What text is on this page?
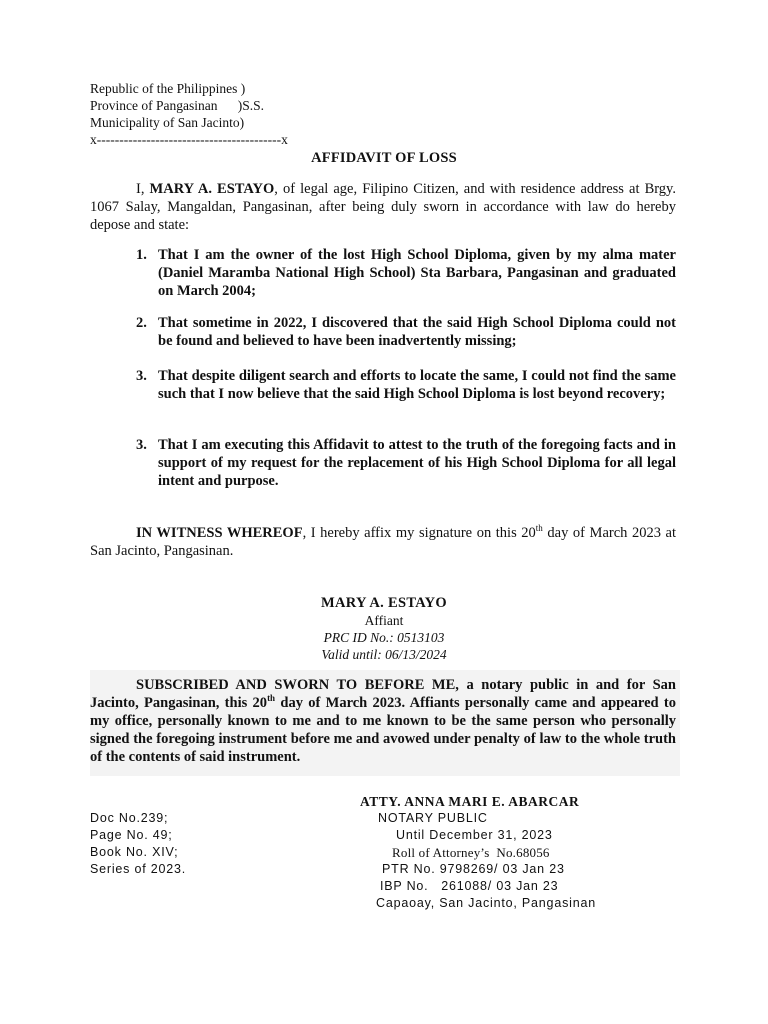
Republic of the Philippines )
Province of Pangasinan      )S.S.
Municipality of San Jacinto)
x-----------------------------------------x
AFFIDAVIT OF LOSS
I, MARY A. ESTAYO, of legal age, Filipino Citizen, and with residence address at Brgy. 1067 Salay, Mangaldan, Pangasinan, after being duly sworn in accordance with law do hereby depose and state:
1. That I am the owner of the lost High School Diploma, given by my alma mater (Daniel Maramba National High School) Sta Barbara, Pangasinan and graduated on March 2004;
2. That sometime in 2022, I discovered that the said High School Diploma could not be found and believed to have been inadvertently missing;
3. That despite diligent search and efforts to locate the same, I could not find the same such that I now believe that the said High School Diploma is lost beyond recovery;
3. That I am executing this Affidavit to attest to the truth of the foregoing facts and in support of my request for the replacement of his High School Diploma for all legal intent and purpose.
IN WITNESS WHEREOF, I hereby affix my signature on this 20th day of March 2023 at San Jacinto, Pangasinan.
MARY A. ESTAYO
Affiant
PRC ID No.: 0513103
Valid until: 06/13/2024
SUBSCRIBED AND SWORN TO BEFORE ME, a notary public in and for San Jacinto, Pangasinan, this 20th day of March 2023. Affiants personally came and appeared to my office, personally known to me and to me known to be the same person who personally signed the foregoing instrument before me and avowed under penalty of law to the whole truth of the contents of said instrument.
ATTY. ANNA MARI E. ABARCAR
Doc No.239;
Page No. 49;
Book No. XIV;
Series of 2023.
NOTARY PUBLIC
Until December 31, 2023
Roll of Attorney’s  No.68056
PTR No. 9798269/ 03 Jan 23
IBP No.   261088/ 03 Jan 23
Capaoay, San Jacinto, Pangasinan
